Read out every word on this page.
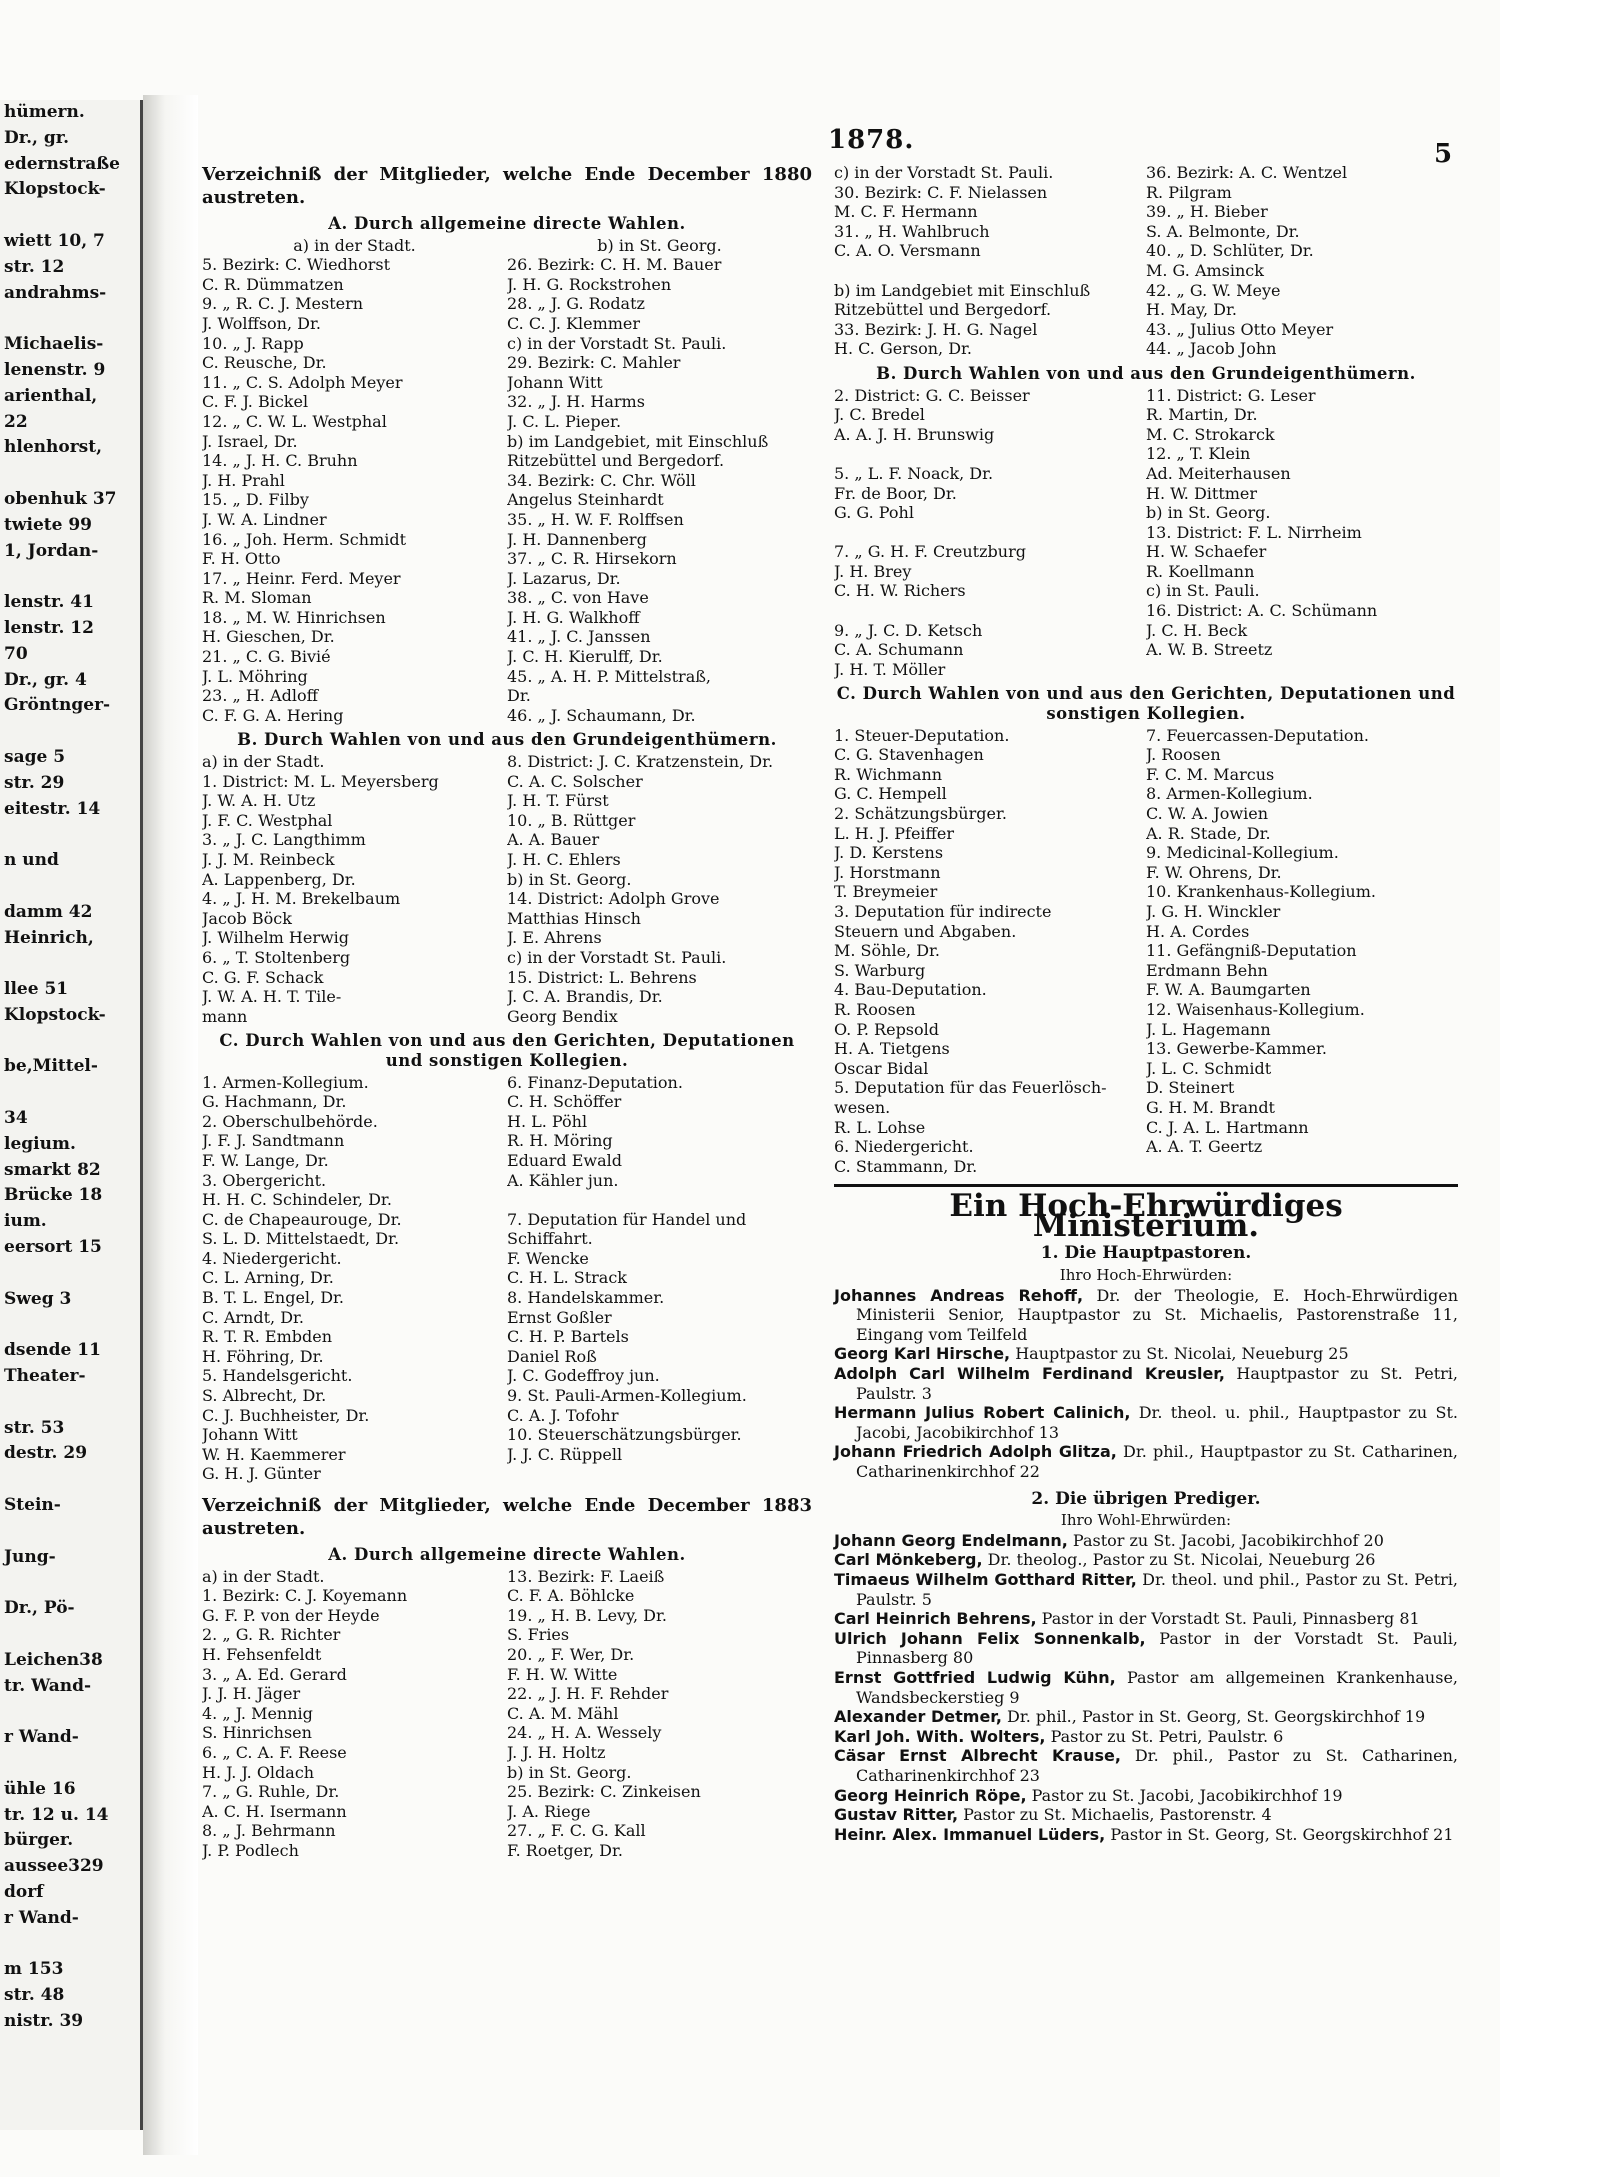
hümern.
Dr., gr.
edernstraße
Klopstock-

wiett 10, 7
str. 12
andrahms-

Michaelis-
lenenstr. 9
arienthal,
22
hlenhorst,

obenhuk 37
twiete 99
1, Jordan-

lenstr. 41
lenstr. 12
70
Dr., gr. 4
Gröntnger-

sage 5
str. 29
eitestr. 14

n und

damm 42
Heinrich,

llee 51
Klopstock-

be,Mittel-

34
legium.
smarkt 82
Brücke 18
ium.
eersort 15

Sweg 3

dsende 11
Theater-

str. 53
destr. 29

Stein-

Jung-

Dr., Pö-

Leichen38
tr. Wand-

r Wand-

ühle 16
tr. 12 u. 14
bürger.
aussee329
dorf
r Wand-

m 153
str. 48
nistr. 39
1878.	5
Verzeichniß der Mitglieder, welche Ende December 1880 austreten.
A. Durch allgemeine directe Wahlen.
a) in der Stadt.
5. Bezirk: C. Wiedhorst
C. R. Dümmatzen
9. „ R. C. J. Mestern
J. Wolffson, Dr.
10. „ J. Rapp
C. Reusche, Dr.
11. „ C. S. Adolph Meyer
C. F. J. Bickel
12. „ C. W. L. Westphal
J. Israel, Dr.
14. „ J. H. C. Bruhn
J. H. Prahl
15. „ D. Filby
J. W. A. Lindner
16. „ Joh. Herm. Schmidt
F. H. Otto
17. „ Heinr. Ferd. Meyer
R. M. Sloman
18. „ M. W. Hinrichsen
H. Gieschen, Dr.
21. „ C. G. Bivié
J. L. Möhring
23. „ H. Adloff
C. F. G. A. Hering
b) in St. Georg.
26. Bezirk: C. H. M. Bauer
J. H. G. Rockstrohen
28. „ J. G. Rodatz
C. C. J. Klemmer
c) in der Vorstadt St. Pauli.
29. Bezirk: C. Mahler
Johann Witt
32. „ J. H. Harms
J. C. L. Pieper.
b) im Landgebiet, mit Einschluß
Ritzebüttel und Bergedorf.
34. Bezirk: C. Chr. Wöll
Angelus Steinhardt
35. „ H. W. F. Rolffsen
J. H. Dannenberg
37. „ C. R. Hirsekorn
J. Lazarus, Dr.
38. „ C. von Have
J. H. G. Walkhoff
41. „ J. C. Janssen
J. C. H. Kierulff, Dr.
45. „ A. H. P. Mittelstraß,
Dr.
46. „ J. Schaumann, Dr.
B. Durch Wahlen von und aus den Grundeigenthümern.
a) in der Stadt.
1. District: M. L. Meyersberg
J. W. A. H. Utz
J. F. C. Westphal
3. „ J. C. Langthimm
J. J. M. Reinbeck
A. Lappenberg, Dr.
4. „ J. H. M. Brekelbaum
Jacob Böck
J. Wilhelm Herwig
6. „ T. Stoltenberg
C. G. F. Schack
J. W. A. H. T. Tile-
mann
8. District: J. C. Kratzenstein, Dr.
C. A. C. Solscher
J. H. T. Fürst
10. „ B. Rüttger
A. A. Bauer
J. H. C. Ehlers
b) in St. Georg.
14. District: Adolph Grove
Matthias Hinsch
J. E. Ahrens
c) in der Vorstadt St. Pauli.
15. District: L. Behrens
J. C. A. Brandis, Dr.
Georg Bendix
C. Durch Wahlen von und aus den Gerichten, Deputationen und sonstigen Kollegien.
1. Armen-Kollegium.
G. Hachmann, Dr.
2. Oberschulbehörde.
J. F. J. Sandtmann
F. W. Lange, Dr.
3. Obergericht.
H. H. C. Schindeler, Dr.
C. de Chapeaurouge, Dr.
S. L. D. Mittelstaedt, Dr.
4. Niedergericht.
C. L. Arning, Dr.
B. T. L. Engel, Dr.
C. Arndt, Dr.
R. T. R. Embden
H. Föhring, Dr.
5. Handelsgericht.
S. Albrecht, Dr.
C. J. Buchheister, Dr.
Johann Witt
W. H. Kaemmerer
G. H. J. Günter
6. Finanz-Deputation.
C. H. Schöffer
H. L. Pöhl
R. H. Möring
Eduard Ewald
A. Kähler jun.

7. Deputation für Handel und
Schiffahrt.
F. Wencke
C. H. L. Strack
8. Handelskammer.
Ernst Goßler
C. H. P. Bartels
Daniel Roß
J. C. Godeffroy jun.
9. St. Pauli-Armen-Kollegium.
C. A. J. Tofohr
10. Steuerschätzungsbürger.
J. J. C. Rüppell
Verzeichniß der Mitglieder, welche Ende December 1883 austreten.
A. Durch allgemeine directe Wahlen.
a) in der Stadt.
1. Bezirk: C. J. Koyemann
G. F. P. von der Heyde
2. „ G. R. Richter
H. Fehsenfeldt
3. „ A. Ed. Gerard
J. J. H. Jäger
4. „ J. Mennig
S. Hinrichsen
6. „ C. A. F. Reese
H. J. J. Oldach
7. „ G. Ruhle, Dr.
A. C. H. Isermann
8. „ J. Behrmann
J. P. Podlech
13. Bezirk: F. Laeiß
C. F. A. Böhlcke
19. „ H. B. Levy, Dr.
S. Fries
20. „ F. Wer, Dr.
F. H. W. Witte
22. „ J. H. F. Rehder
C. A. M. Mähl
24. „ H. A. Wessely
J. J. H. Holtz
b) in St. Georg.
25. Bezirk: C. Zinkeisen
J. A. Riege
27. „ F. C. G. Kall
F. Roetger, Dr.
c) in der Vorstadt St. Pauli.
30. Bezirk: C. F. Nielassen
M. C. F. Hermann
31. „ H. Wahlbruch
C. A. O. Versmann

b) im Landgebiet mit Einschluß
Ritzebüttel und Bergedorf.
33. Bezirk: J. H. G. Nagel
H. C. Gerson, Dr.
36. Bezirk: A. C. Wentzel
R. Pilgram
39. „ H. Bieber
S. A. Belmonte, Dr.
40. „ D. Schlüter, Dr.
M. G. Amsinck
42. „ G. W. Meye
H. May, Dr.
43. „ Julius Otto Meyer
44. „ Jacob John
B. Durch Wahlen von und aus den Grundeigenthümern.
2. District: G. C. Beisser
J. C. Bredel
A. A. J. H. Brunswig

5. „ L. F. Noack, Dr.
Fr. de Boor, Dr.
G. G. Pohl

7. „ G. H. F. Creutzburg
J. H. Brey
C. H. W. Richers

9. „ J. C. D. Ketsch
C. A. Schumann
J. H. T. Möller
11. District: G. Leser
R. Martin, Dr.
M. C. Strokarck
12. „ T. Klein
Ad. Meiterhausen
H. W. Dittmer
b) in St. Georg.
13. District: F. L. Nirrheim
H. W. Schaefer
R. Koellmann
c) in St. Pauli.
16. District: A. C. Schümann
J. C. H. Beck
A. W. B. Streetz
C. Durch Wahlen von und aus den Gerichten, Deputationen und sonstigen Kollegien.
1. Steuer-Deputation.
C. G. Stavenhagen
R. Wichmann
G. C. Hempell
2. Schätzungsbürger.
L. H. J. Pfeiffer
J. D. Kerstens
J. Horstmann
T. Breymeier
3. Deputation für indirecte
Steuern und Abgaben.
M. Söhle, Dr.
S. Warburg
4. Bau-Deputation.
R. Roosen
O. P. Repsold
H. A. Tietgens
Oscar Bidal
5. Deputation für das Feuerlösch-
wesen.
R. L. Lohse
6. Niedergericht.
C. Stammann, Dr.
7. Feuercassen-Deputation.
J. Roosen
F. C. M. Marcus
8. Armen-Kollegium.
C. W. A. Jowien
A. R. Stade, Dr.
9. Medicinal-Kollegium.
F. W. Ohrens, Dr.
10. Krankenhaus-Kollegium.
J. G. H. Winckler
H. A. Cordes
11. Gefängniß-Deputation
Erdmann Behn
F. W. A. Baumgarten
12. Waisenhaus-Kollegium.
J. L. Hagemann
13. Gewerbe-Kammer.
J. L. C. Schmidt
D. Steinert
G. H. M. Brandt
C. J. A. L. Hartmann
A. A. T. Geertz
Ein Hoch-Ehrwürdiges Ministerium.
1. Die Hauptpastoren.
Ihro Hoch-Ehrwürden:
Johannes Andreas Rehoff, Dr. der Theologie, E. Hoch-Ehrwürdigen Ministerii Senior, Hauptpastor zu St. Michaelis, Pastorenstraße 11, Eingang vom Teilfeld
Georg Karl Hirsche, Hauptpastor zu St. Nicolai, Neueburg 25
Adolph Carl Wilhelm Ferdinand Kreusler, Hauptpastor zu St. Petri, Paulstr. 3
Hermann Julius Robert Calinich, Dr. theol. u. phil., Hauptpastor zu St. Jacobi, Jacobikirchhof 13
Johann Friedrich Adolph Glitza, Dr. phil., Hauptpastor zu St. Catharinen, Catharinenkirchhof 22
2. Die übrigen Prediger.
Ihro Wohl-Ehrwürden:
Johann Georg Endelmann, Pastor zu St. Jacobi, Jacobikirchhof 20
Carl Mönkeberg, Dr. theolog., Pastor zu St. Nicolai, Neueburg 26
Timaeus Wilhelm Gotthard Ritter, Dr. theol. und phil., Pastor zu St. Petri, Paulstr. 5
Carl Heinrich Behrens, Pastor in der Vorstadt St. Pauli, Pinnasberg 81
Ulrich Johann Felix Sonnenkalb, Pastor in der Vorstadt St. Pauli, Pinnasberg 80
Ernst Gottfried Ludwig Kühn, Pastor am allgemeinen Krankenhause, Wandsbeckerstieg 9
Alexander Detmer, Dr. phil., Pastor in St. Georg, St. Georgskirchhof 19
Karl Joh. With. Wolters, Pastor zu St. Petri, Paulstr. 6
Cäsar Ernst Albrecht Krause, Dr. phil., Pastor zu St. Catharinen, Catharinenkirchhof 23
Georg Heinrich Röpe, Pastor zu St. Jacobi, Jacobikirchhof 19
Gustav Ritter, Pastor zu St. Michaelis, Pastorenstr. 4
Heinr. Alex. Immanuel Lüders, Pastor in St. Georg, St. Georgskirchhof 21
